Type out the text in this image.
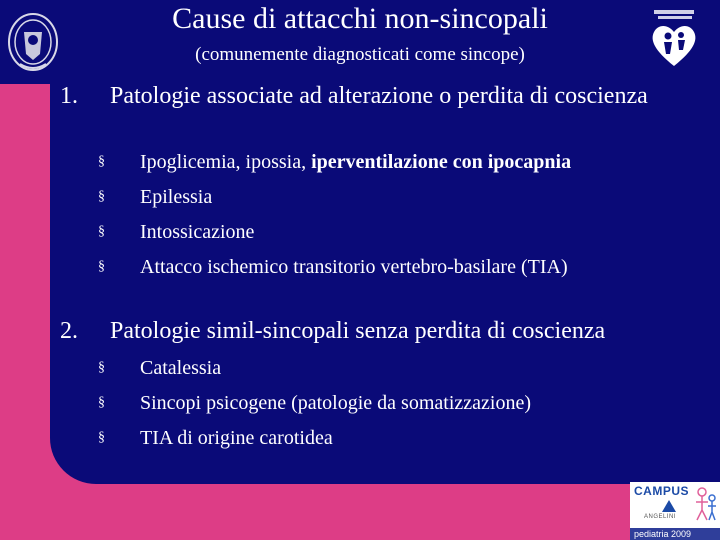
Cause di attacchi non-sincopali
(comunemente diagnosticati come sincope)
1. Patologie associate ad alterazione o perdita di coscienza
§ Ipoglicemia, ipossia, iperventilazione con ipocapnia
§ Epilessia
§ Intossicazione
§ Attacco ischemico transitorio vertebro-basilare (TIA)
2. Patologie simil-sincopali senza perdita di coscienza
§ Catalessia
§ Sincopi psicogene (patologie da somatizzazione)
§ TIA di origine carotidea
CAMPUS
ANGELINI
pediatria 2009
